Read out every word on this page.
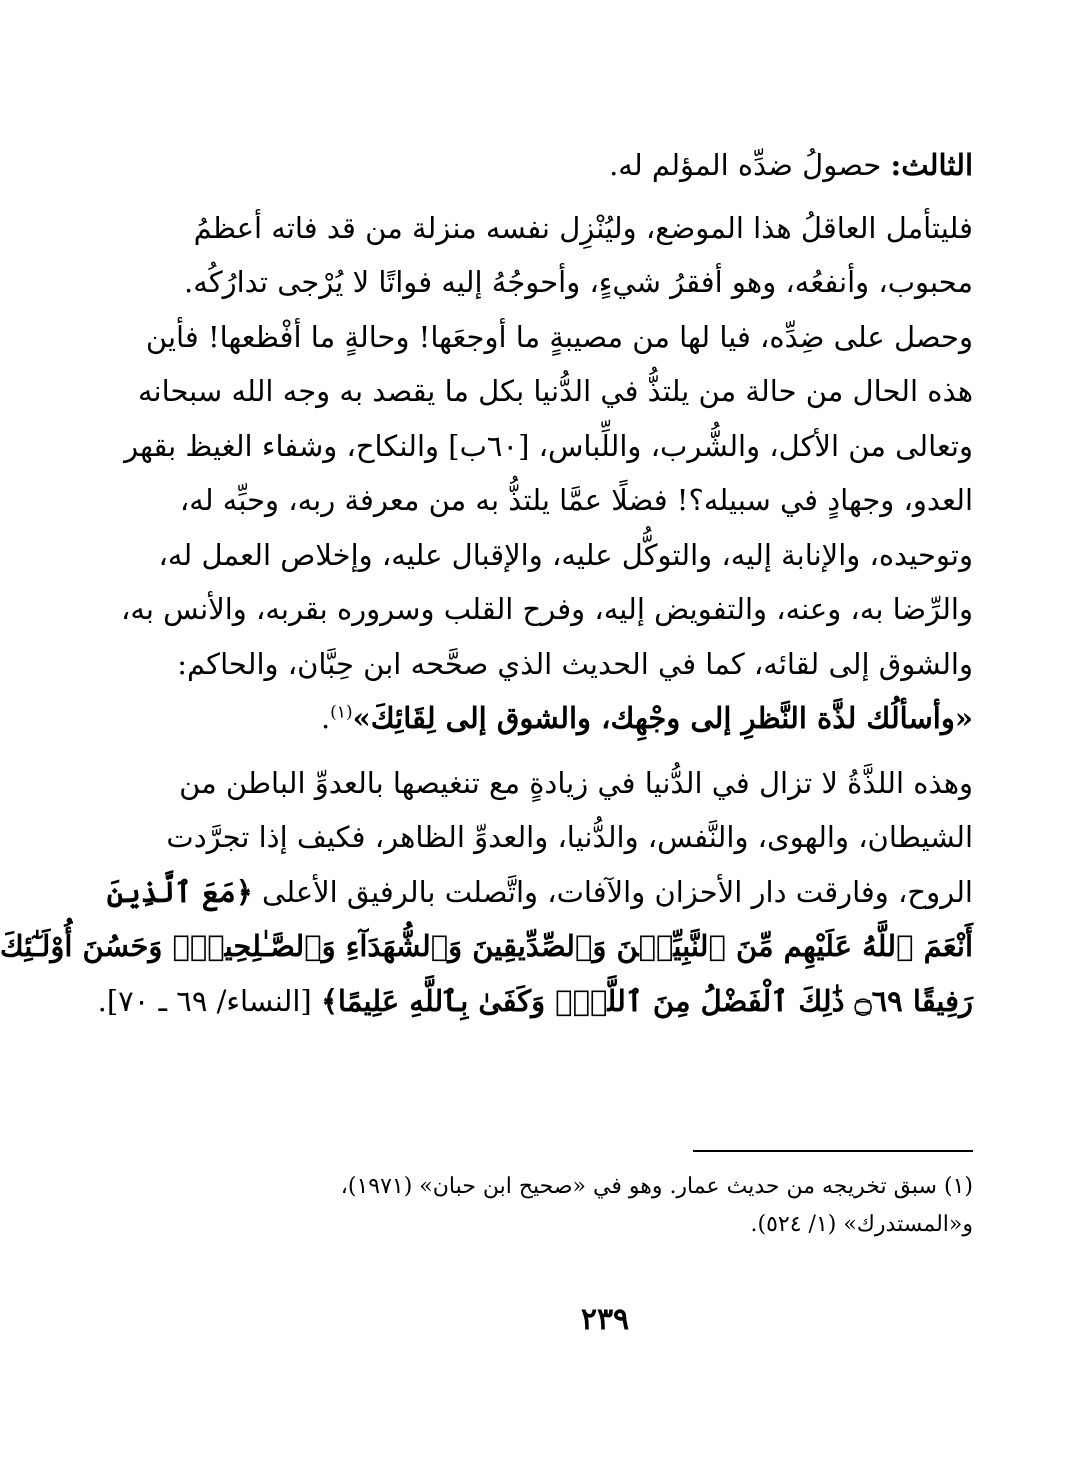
الثالث: حصولُ ضدِّه المؤلم له.

فليتأمل العاقلُ هذا الموضع، وليُنْزِل نفسه منزلة من قد فاته أعظمُ
محبوب، وأنفعُه، وهو أفقرُ شيءٍ، وأحوجُهُ إليه فواتًا لا يُرْجى تدارُكُه.
وحصل على ضِدِّه، فيا لها من مصيبةٍ ما أوجعَها! وحالةٍ ما أفْظعها! فأين
هذه الحال من حالة من يلتذُّ في الدُّنيا بكل ما يقصد به وجه الله سبحانه
وتعالى من الأكل، والشُّرب، واللِّباس، [٦٠ب] والنكاح، وشفاء الغيظ بقهر
العدو، وجهادٍ في سبيله؟! فضلًا عمَّا يلتذُّ به من معرفة ربه، وحبِّه له،
وتوحيده، والإنابة إليه، والتوكُّل عليه، والإقبال عليه، وإخلاص العمل له،
والرِّضا به، وعنه، والتفويض إليه، وفرح القلب وسروره بقربه، والأنس به،
والشوق إلى لقائه، كما في الحديث الذي صحَّحه ابن حِبَّان، والحاكم:
«وأسألُك لذَّة النَّظرِ إلى وجْهِك، والشوق إلى لِقَائِكَ»$^{(١)}$.

وهذه اللذَّةُ لا تزال في الدُّنيا في زيادةٍ مع تنغيصها بالعدوِّ الباطن من
الشيطان، والهوى، والنَّفس، والدُّنيا، والعدوِّ الظاهر، فكيف إذا تجرَّدت
الروح، وفارقت دار الأحزان والآفات، واتَّصلت بالرفيق الأعلى ﴿مَعَ ٱلَّذِينَ
أَنْعَمَ ٱللَّهُ عَلَيْهِم مِّنَ ٱلنَّبِيِّـۧنَ وَٱلصِّدِّيقِينَ وَٱلشُّهَدَآءِ وَٱلصَّـٰلِحِينَۚ وَحَسُنَ أُوْلَـٰٓئِكَ
رَفِيقًا ۝٦٩ ذَٰلِكَ ٱلْفَضْلُ مِنَ ٱللَّهِۚ وَكَفَىٰ بِٱللَّهِ عَلِيمًا﴾ [النساء/ ٦٩ ـ ٧٠].

(١) سبق تخريجه من حديث عمار. وهو في «صحيح ابن حبان» (١٩٧١)،
و«المستدرك» (١/ ٥٢٤).
٢٣٩
